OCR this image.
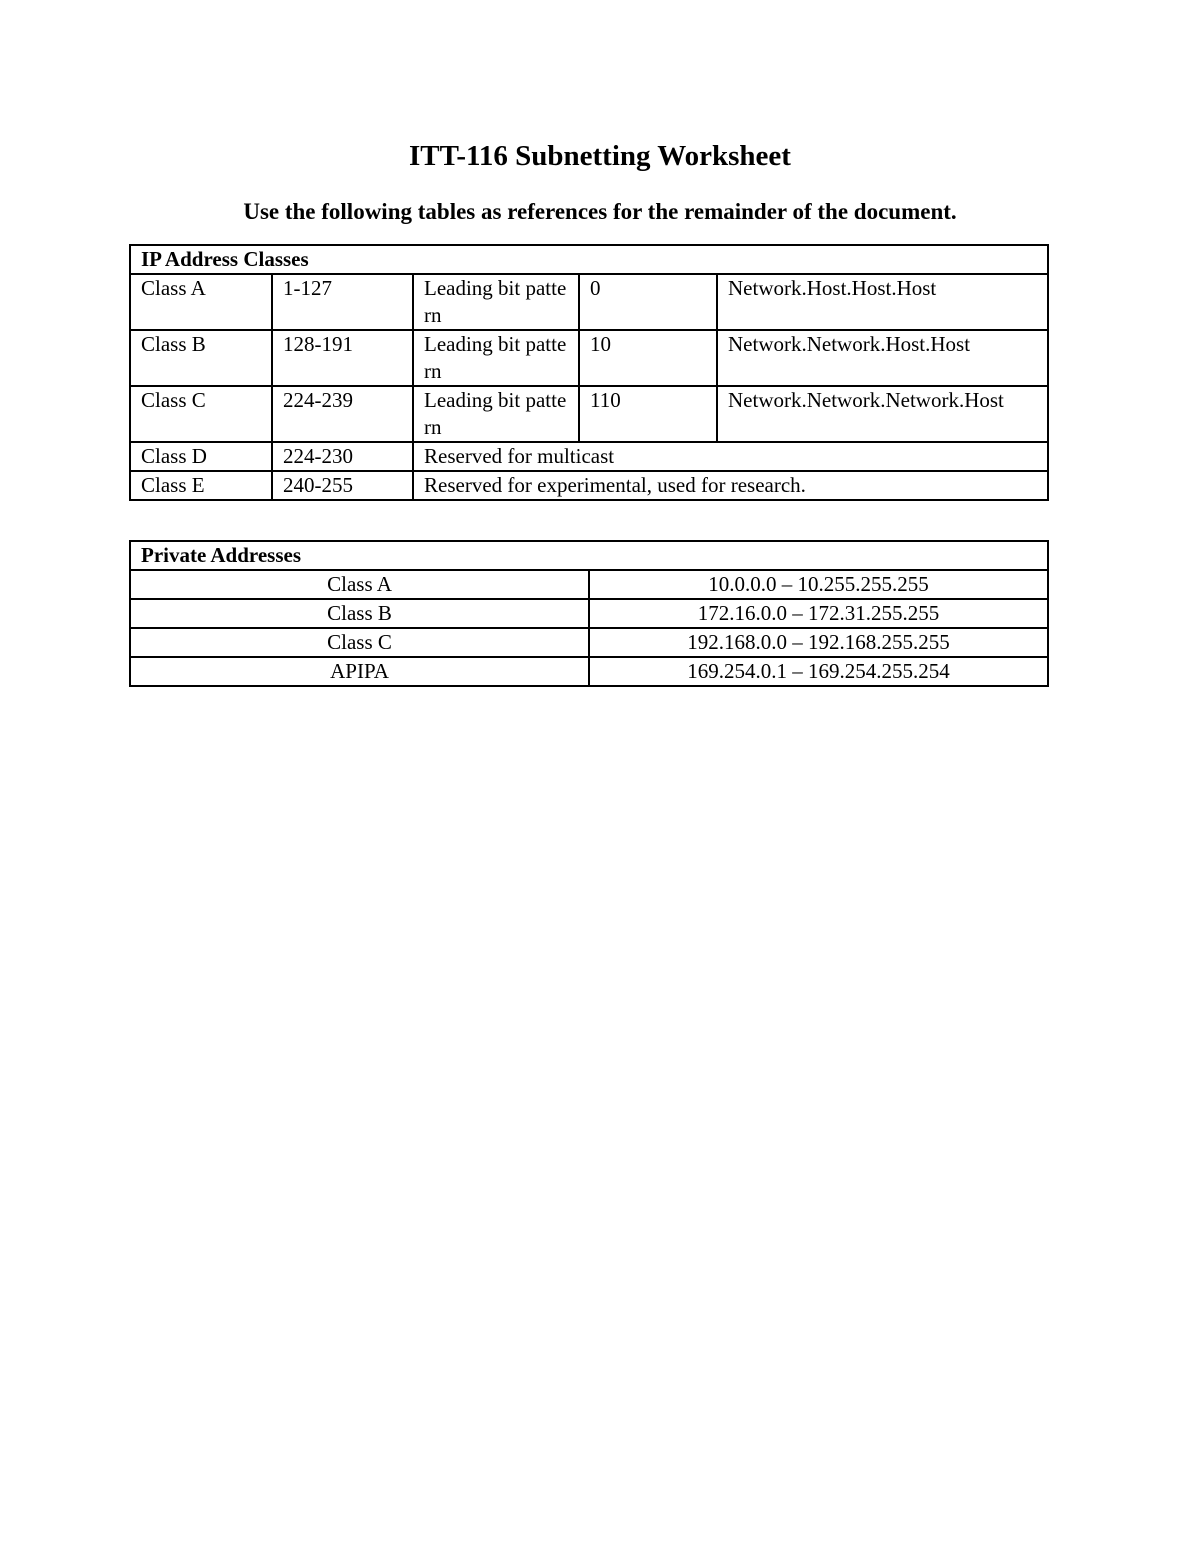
ITT-116 Subnetting Worksheet

Use the following tables as references for the remainder of the document.

IP Address Classes				
Class A	1-127	Leading bit pattern	0	Network.Host.Host.Host
Class B	128-191	Leading bit pattern	10	Network.Network.Host.Host
Class C	224-239	Leading bit pattern	110	Network.Network.Network.Host
Class D	224-230	Reserved for multicast		
Class E	240-255	Reserved for experimental, used for research.		
Private Addresses	
Class A	10.0.0.0 – 10.255.255.255
Class B	172.16.0.0 – 172.31.255.255
Class C	192.168.0.0 – 192.168.255.255
APIPA	169.254.0.1 – 169.254.255.254
